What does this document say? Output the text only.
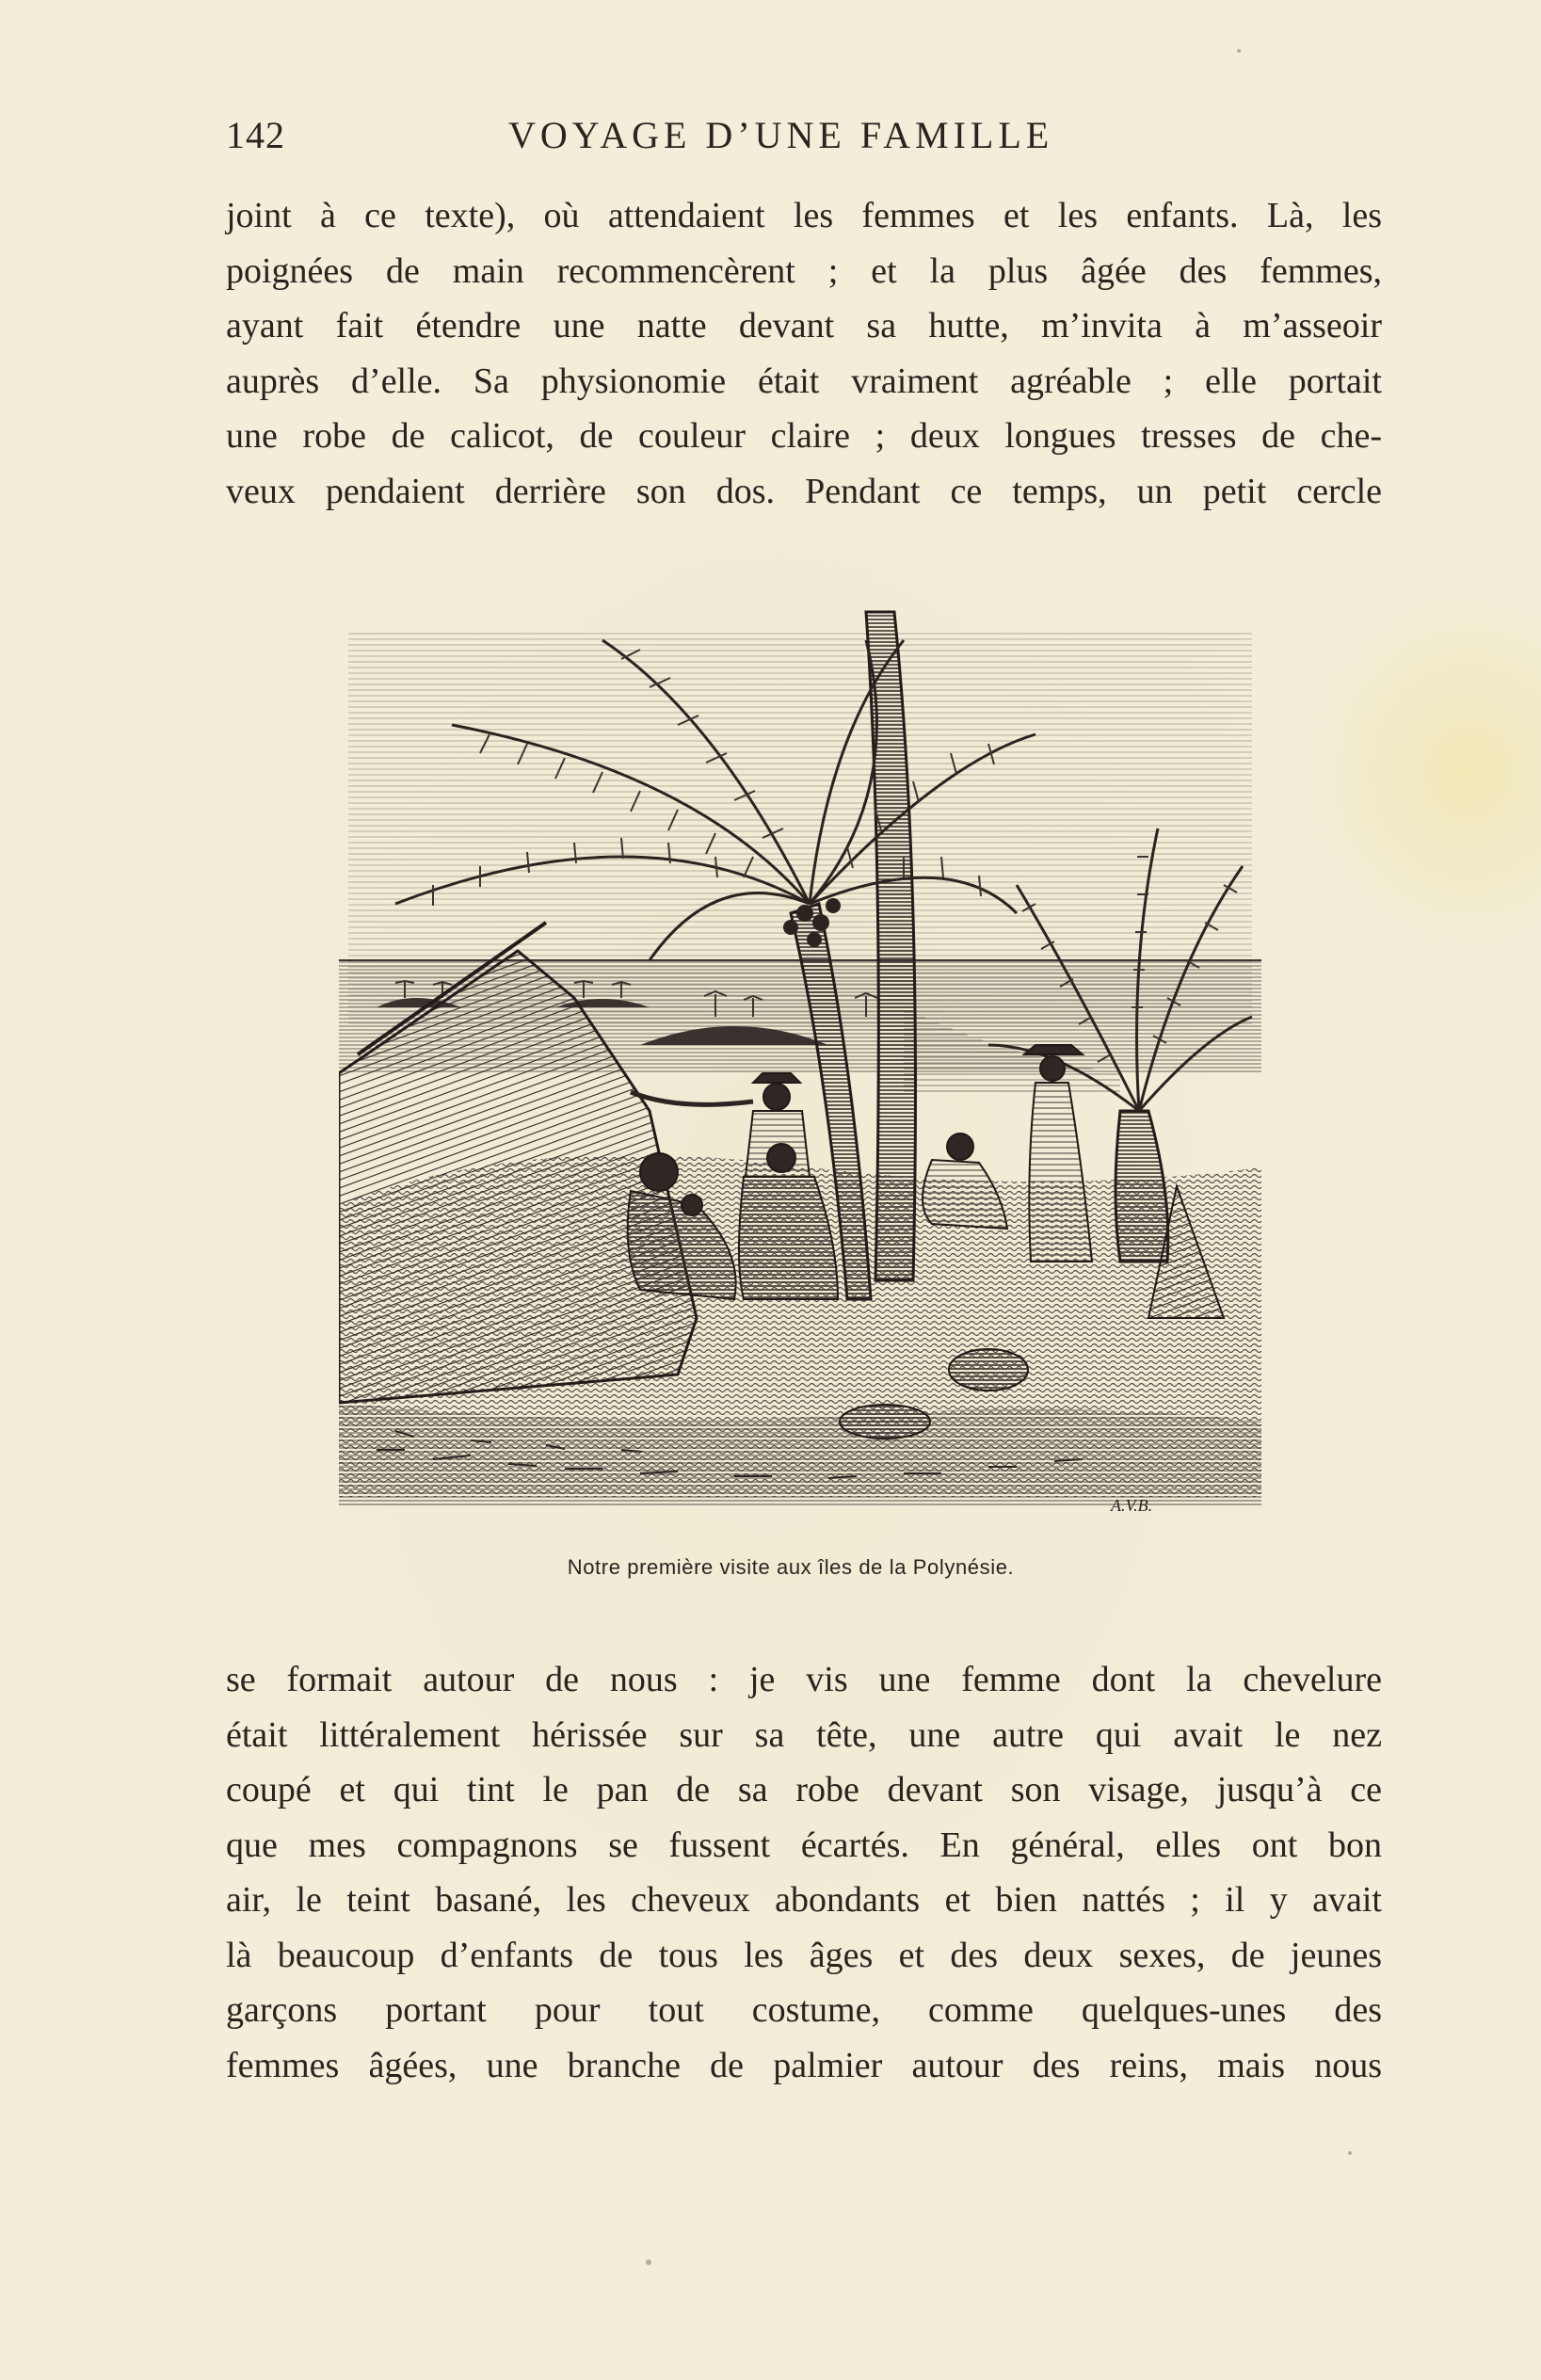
142	VOYAGE D’UNE FAMILLE
joint à ce texte), où attendaient les femmes et les enfants. Là, les
poignées de main recommencèrent ; et la plus âgée des femmes,
ayant fait étendre une natte devant sa hutte, m’invita à m’asseoir
auprès d’elle. Sa physionomie était vraiment agréable ; elle portait
une robe de calicot, de couleur claire ; deux longues tresses de che-
veux pendaient derrière son dos. Pendant ce temps, un petit cercle
A.V.B.
Notre première visite aux îles de la Polynésie.
se formait autour de nous : je vis une femme dont la chevelure
était littéralement hérissée sur sa tête, une autre qui avait le nez
coupé et qui tint le pan de sa robe devant son visage, jusqu’à ce
que mes compagnons se fussent écartés. En général, elles ont bon
air, le teint basané, les cheveux abondants et bien nattés ; il y avait
là beaucoup d’enfants de tous les âges et des deux sexes, de jeunes
garçons portant pour tout costume, comme quelques-unes des
femmes âgées, une branche de palmier autour des reins, mais nous
